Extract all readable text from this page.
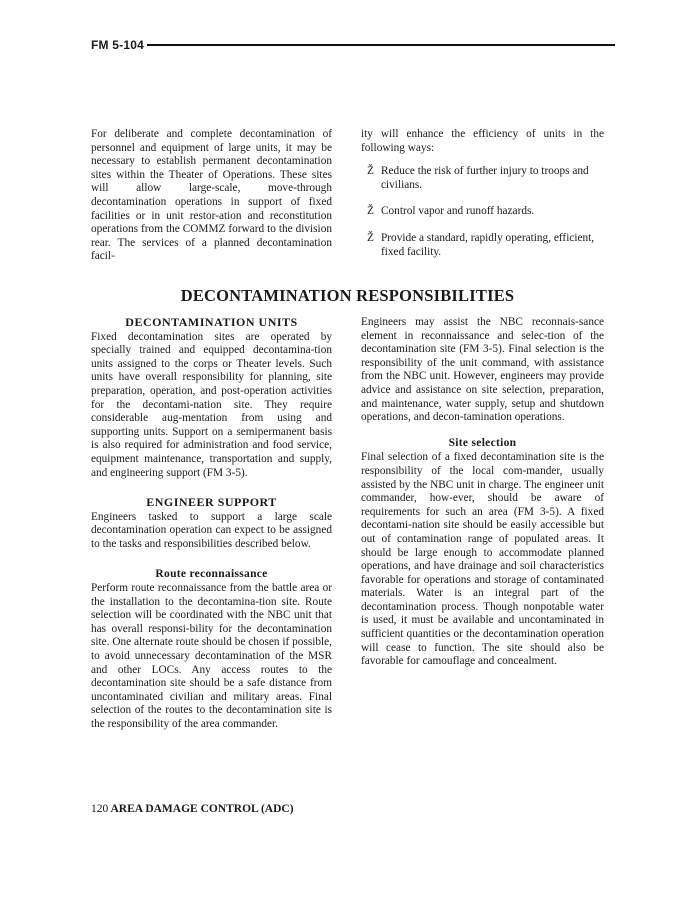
FM 5-104

For deliberate and complete decontamination of personnel and equipment of large units, it may be necessary to establish permanent decontamination sites within the Theater of Operations. These sites will allow large-scale, move-through decontamination operations in support of fixed facilities or in unit restor-ation and reconstitution operations from the COMMZ forward to the division rear. The services of a planned decontamination facil-

ity will enhance the efficiency of units in the following ways:

Ž Reduce the risk of further injury to troops and civilians.
Ž Control vapor and runoff hazards.
Ž Provide a standard, rapidly operating, efficient, fixed facility.
DECONTAMINATION RESPONSIBILITIES
DECONTAMINATION UNITS

Fixed decontamination sites are operated by specially trained and equipped decontamina-tion units assigned to the corps or Theater levels. Such units have overall responsibility for planning, site preparation, operation, and post-operation activities for the decontami-nation site. They require considerable aug-mentation from using and supporting units. Support on a semipermanent basis is also required for administration and food service, equipment maintenance, transportation and supply, and engineering support (FM 3-5).

ENGINEER SUPPORT

Engineers tasked to support a large scale decontamination operation can expect to be assigned to the tasks and responsibilities described below.

Route reconnaissance

Perform route reconnaissance from the battle area or the installation to the decontamina-tion site. Route selection will be coordinated with the NBC unit that has overall responsi-bility for the decontamination site. One alternate route should be chosen if possible, to avoid unnecessary decontamination of the MSR and other LOCs. Any access routes to the decontamination site should be a safe distance from uncontaminated civilian and military areas. Final selection of the routes to the decontamination site is the responsibility of the area commander.

Engineers may assist the NBC reconnais-sance element in reconnaissance and selec-tion of the decontamination site (FM 3-5). Final selection is the responsibility of the unit command, with assistance from the NBC unit. However, engineers may provide advice and assistance on site selection, preparation, and maintenance, water supply, setup and shutdown operations, and decon-tamination operations.

Site selection

Final selection of a fixed decontamination site is the responsibility of the local com-mander, usually assisted by the NBC unit in charge. The engineer unit commander, how-ever, should be aware of requirements for such an area (FM 3-5). A fixed decontami-nation site should be easily accessible but out of contamination range of populated areas. It should be large enough to accommodate planned operations, and have drainage and soil characteristics favorable for operations and storage of contaminated materials. Water is an integral part of the decontamination process. Though nonpotable water is used, it must be available and uncontaminated in sufficient quantities or the decontamination operation will cease to function. The site should also be favorable for camouflage and concealment.

120 AREA DAMAGE CONTROL (ADC)
